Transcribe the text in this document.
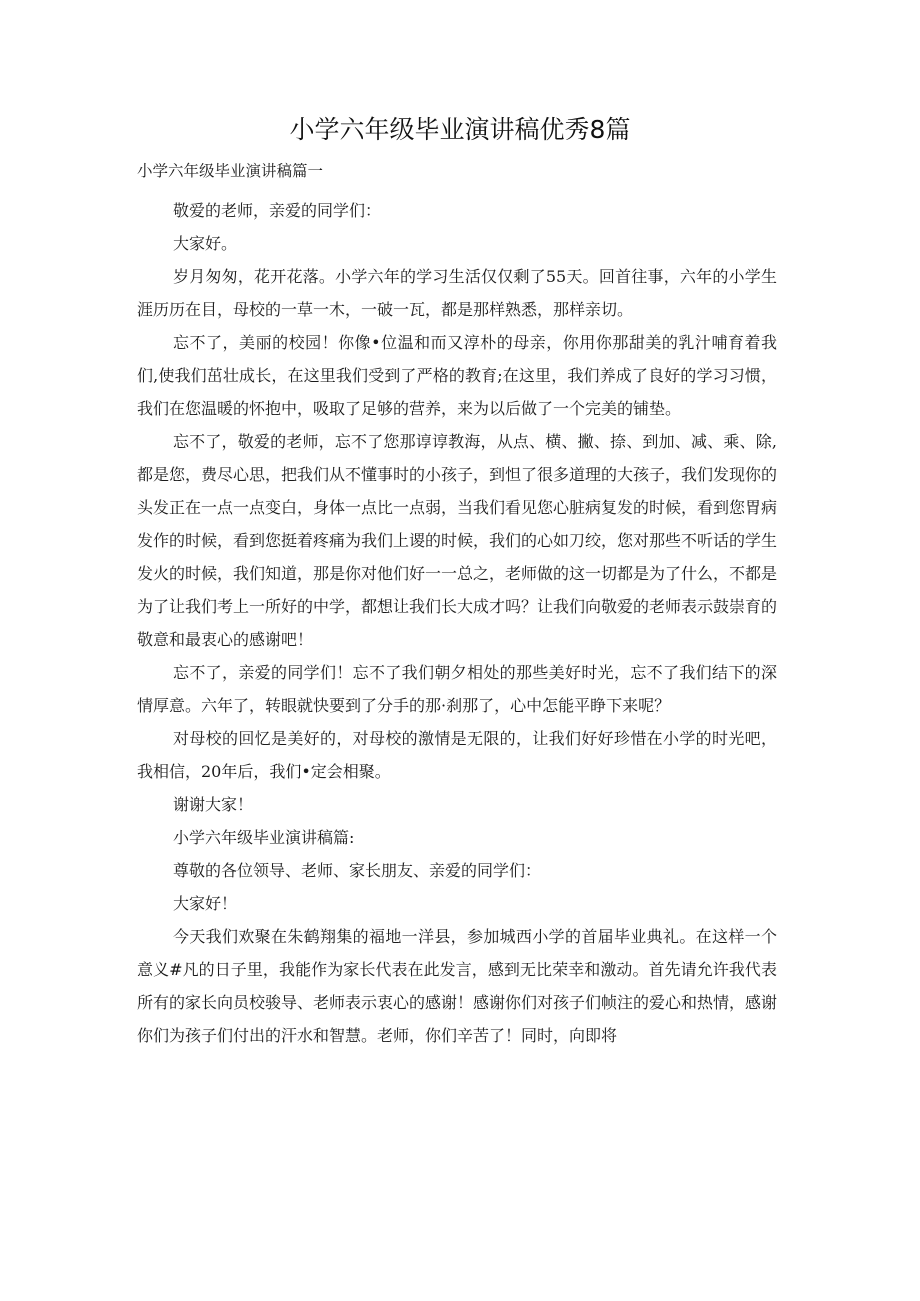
小学六年级毕业演讲稿优秀8篇

小学六年级毕业演讲稿篇一

敬爱的老师，亲爱的同学们：

大家好。

岁月匆匆，花开花落。小学六年的学习生活仅仅剩了55天。回首往事，六年的小学生涯历历在目，母校的一草一木，一破一瓦，都是那样熟悉，那样亲切。

忘不了，美丽的校园！你像•位温和而又淳朴的母亲，你用你那甜美的乳汁哺育着我们,使我们茁壮成长，在这里我们受到了严格的教育;在这里，我们养成了良好的学习习惯，我们在您温暖的怀抱中，吸取了足够的营养，来为以后做了一个完美的铺垫。

忘不了，敬爱的老师，忘不了您那谆谆教海，从点、横、撇、捺、到加、减、乘、除,都是您，费尽心思，把我们从不懂事时的小孩子，到怛了很多道理的大孩子，我们发现你的头发正在一点一点变白，身体一点比一点弱，当我们看见您心脏病复发的时候，看到您胃病发作的时候，看到您挺着疼痛为我们上谡的时候，我们的心如刀绞，您对那些不听话的学生发火的时候，我们知道，那是你对他们好一一总之，老师做的这一切都是为了什么，不都是为了让我们考上一所好的中学，都想让我们长大成才吗？让我们向敬爱的老师表示鼓崇育的敬意和最衷心的感谢吧！

忘不了，亲爱的同学们！忘不了我们朝夕相处的那些美好时光，忘不了我们结下的深情厚意。六年了，转眼就快要到了分手的那·刹那了，心中怎能平睁下来呢？

对母校的回忆是美好的，对母校的激情是无限的，让我们好好珍惜在小学的时光吧，我相信，20年后，我们•定会相聚。

谢谢大家！

小学六年级毕业演讲稿篇:

尊敬的各位领导、老师、家长朋友、亲爱的同学们：

大家好！

今天我们欢聚在朱鹤翔集的福地一洋县，参加城西小学的首届毕业典礼。在这样一个意义#凡的日子里，我能作为家长代表在此发言，感到无比荣幸和激动。首先请允许我代表所有的家长向员校骏导、老师表示衷心的感谢！感谢你们对孩子们帧注的爱心和热情，感谢你们为孩子们付出的汗水和智慧。老师，你们辛苦了！同时，向即将
